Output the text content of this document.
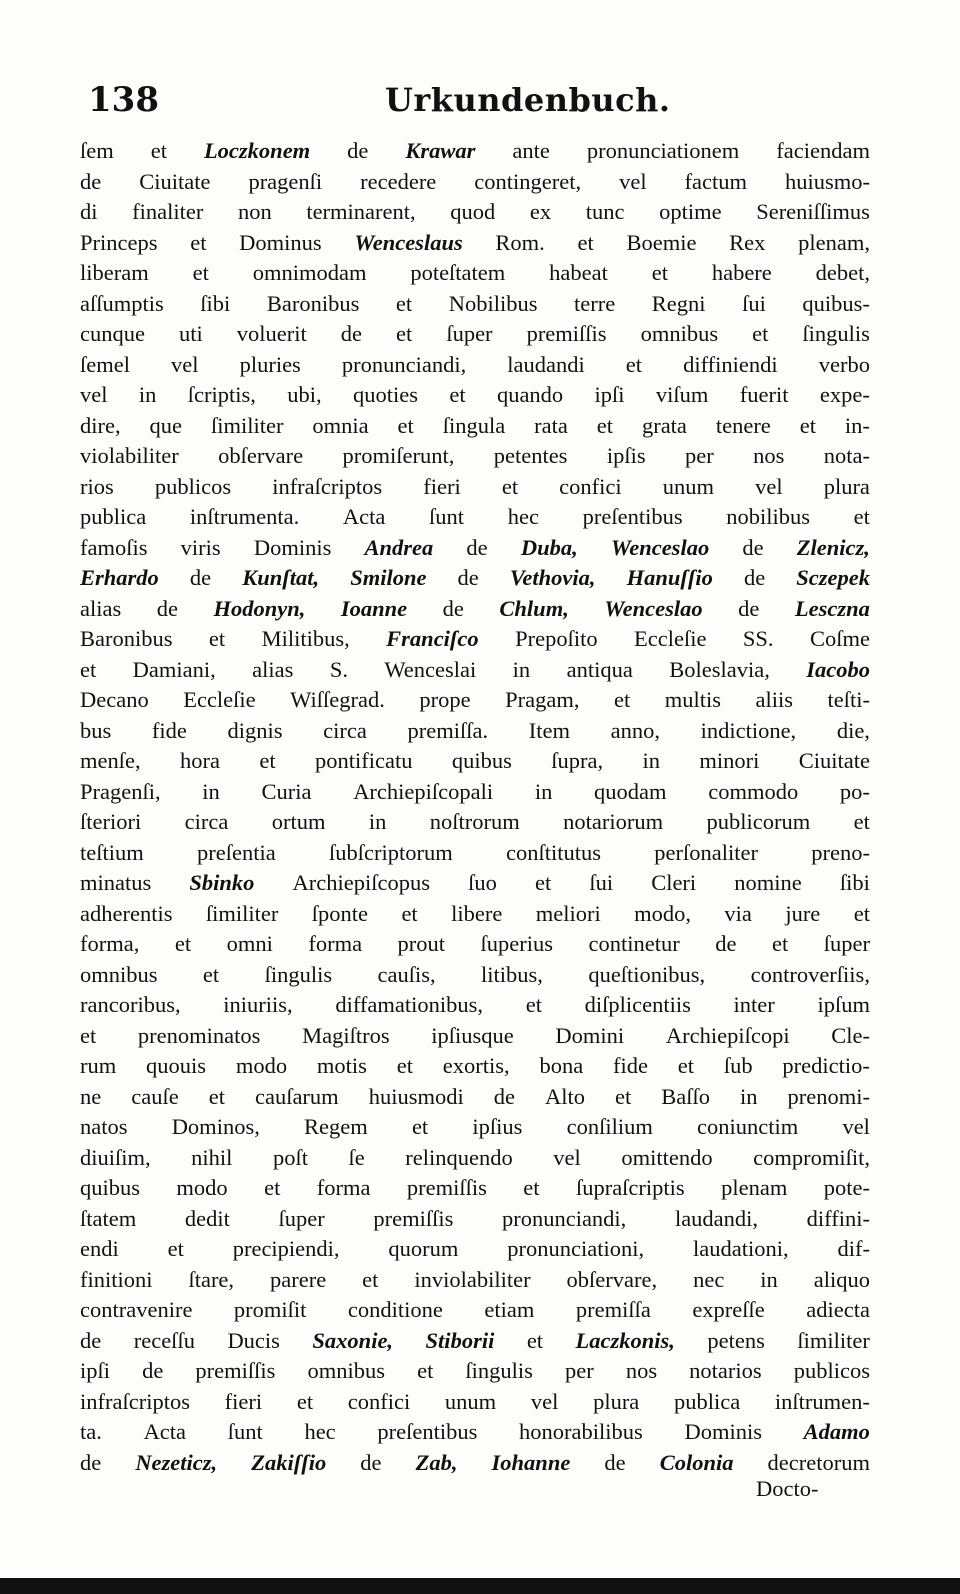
138	Urkundenbuch.
ſem et Loczkonem de Krawar ante pronunciationem faciendam
de Ciuitate pragenſi recedere contingeret, vel factum huiusmo-
di finaliter non terminarent, quod ex tunc optime Sereniſſimus
Princeps et Dominus Wenceslaus Rom. et Boemie Rex plenam,
liberam et omnimodam poteſtatem habeat et habere debet,
aſſumptis ſibi Baronibus et Nobilibus terre Regni ſui quibus-
cunque uti voluerit de et ſuper premiſſis omnibus et ſingulis
ſemel vel pluries pronunciandi, laudandi et diffiniendi verbo
vel in ſcriptis, ubi, quoties et quando ipſi viſum fuerit expe-
dire, que ſimiliter omnia et ſingula rata et grata tenere et in-
violabiliter obſervare promiſerunt, petentes ipſis per nos nota-
rios publicos infraſcriptos fieri et confici unum vel plura
publica inſtrumenta. Acta ſunt hec preſentibus nobilibus et
famoſis viris Dominis Andrea de Duba, Wenceslao de Zlenicz,
Erhardo de Kunſtat, Smilone de Vethovia, Hanuſſio de Sczepek
alias de Hodonyn, Ioanne de Chlum, Wenceslao de Lesczna
Baronibus et Militibus, Franciſco Prepoſito Eccleſie SS. Coſme
et Damiani, alias S. Wenceslai in antiqua Boleslavia, Iacobo
Decano Eccleſie Wiſſegrad. prope Pragam, et multis aliis teſti-
bus fide dignis circa premiſſa. Item anno, indictione, die,
menſe, hora et pontificatu quibus ſupra, in minori Ciuitate
Pragenſi, in Curia Archiepiſcopali in quodam commodo po-
ſteriori circa ortum in noſtrorum notariorum publicorum et
teſtium preſentia ſubſcriptorum conſtitutus perſonaliter preno-
minatus Sbinko Archiepiſcopus ſuo et ſui Cleri nomine ſibi
adherentis ſimiliter ſponte et libere meliori modo, via jure et
forma, et omni forma prout ſuperius continetur de et ſuper
omnibus et ſingulis cauſis, litibus, queſtionibus, controverſiis,
rancoribus, iniuriis, diffamationibus, et diſplicentiis inter ipſum
et prenominatos Magiſtros ipſiusque Domini Archiepiſcopi Cle-
rum quouis modo motis et exortis, bona fide et ſub predictio-
ne cauſe et cauſarum huiusmodi de Alto et Baſſo in prenomi-
natos Dominos, Regem et ipſius conſilium coniunctim vel
diuiſim, nihil poſt ſe relinquendo vel omittendo compromiſit,
quibus modo et forma premiſſis et ſupraſcriptis plenam pote-
ſtatem dedit ſuper premiſſis pronunciandi, laudandi, diffini-
endi et precipiendi, quorum pronunciationi, laudationi, dif-
finitioni ſtare, parere et inviolabiliter obſervare, nec in aliquo
contravenire promiſit conditione etiam premiſſa expreſſe adiecta
de receſſu Ducis Saxonie, Stiborii et Laczkonis, petens ſimiliter
ipſi de premiſſis omnibus et ſingulis per nos notarios publicos
infraſcriptos fieri et confici unum vel plura publica inſtrumen-
ta. Acta ſunt hec preſentibus honorabilibus Dominis Adamo
de Nezeticz, Zakiſſio de Zab, Iohanne de Colonia decretorum
Docto-
